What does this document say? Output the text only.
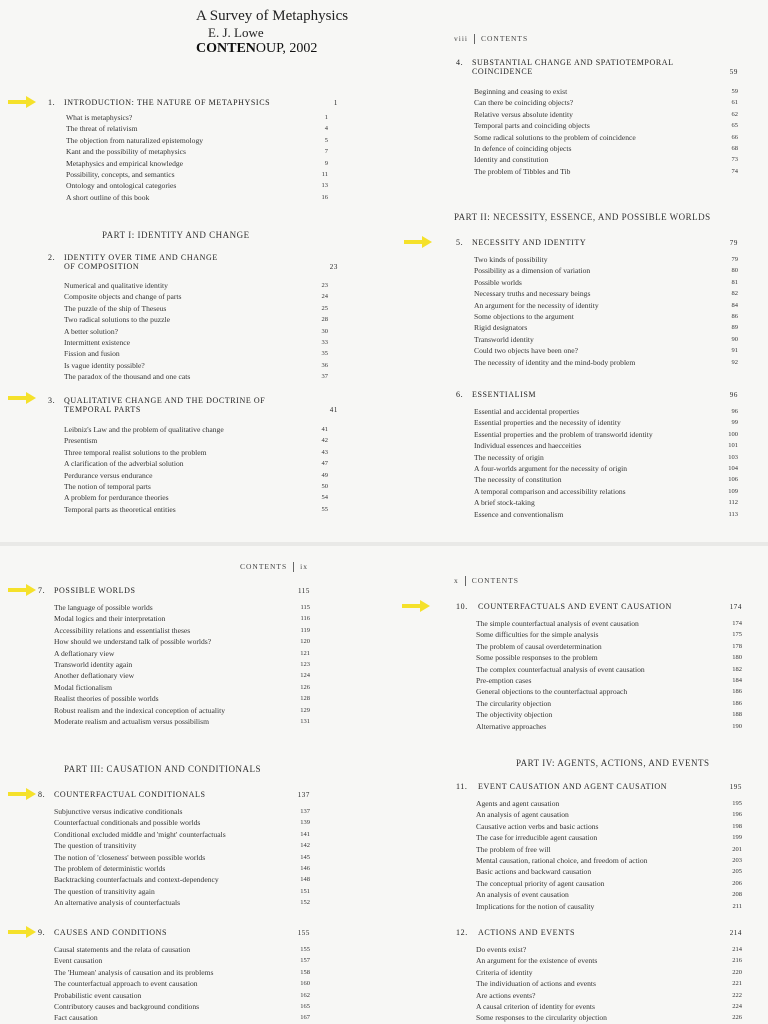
A Survey of Metaphysics
E. J. Lowe
CONTENOUP, 2002
1. INTRODUCTION: THE NATURE OF METAPHYSICS	1
What is metaphysics?	1
The threat of relativism	4
The objection from naturalized epistemology	5
Kant and the possibility of metaphysics	7
Metaphysics and empirical knowledge	9
Possibility, concepts, and semantics	11
Ontology and ontological categories	13
A short outline of this book	16
PART I: IDENTITY AND CHANGE
2. IDENTITY OVER TIME AND CHANGE
OF COMPOSITION	23
Numerical and qualitative identity	23
Composite objects and change of parts	24
The puzzle of the ship of Theseus	25
Two radical solutions to the puzzle	28
A better solution?	30
Intermittent existence	33
Fission and fusion	35
Is vague identity possible?	36
The paradox of the thousand and one cats	37
3. QUALITATIVE CHANGE AND THE DOCTRINE OF
TEMPORAL PARTS	41
Leibniz's Law and the problem of qualitative change	41
Presentism	42
Three temporal realist solutions to the problem	43
A clarification of the adverbial solution	47
Perdurance versus endurance	49
The notion of temporal parts	50
A problem for perdurance theories	54
Temporal parts as theoretical entities	55
viii CONTENTS
4. SUBSTANTIAL CHANGE AND SPATIOTEMPORAL
COINCIDENCE	59
Beginning and ceasing to exist	59
Can there be coinciding objects?	61
Relative versus absolute identity	62
Temporal parts and coinciding objects	65
Some radical solutions to the problem of coincidence	66
In defence of coinciding objects	68
Identity and constitution	73
The problem of Tibbles and Tib	74
PART II: NECESSITY, ESSENCE, AND POSSIBLE WORLDS
5. NECESSITY AND IDENTITY	79
Two kinds of possibility	79
Possibility as a dimension of variation	80
Possible worlds	81
Necessary truths and necessary beings	82
An argument for the necessity of identity	84
Some objections to the argument	86
Rigid designators	89
Transworld identity	90
Could two objects have been one?	91
The necessity of identity and the mind-body problem	92
6. ESSENTIALISM	96
Essential and accidental properties	96
Essential properties and the necessity of identity	99
Essential properties and the problem of transworld identity	100
Individual essences and haecceities	101
The necessity of origin	103
A four-worlds argument for the necessity of origin	104
The necessity of constitution	106
A temporal comparison and accessibility relations	109
A brief stock-taking	112
Essence and conventionalism	113
CONTENTS ix
7. POSSIBLE WORLDS	115
The language of possible worlds	115
Modal logics and their interpretation	116
Accessibility relations and essentialist theses	119
How should we understand talk of possible worlds?	120
A deflationary view	121
Transworld identity again	123
Another deflationary view	124
Modal fictionalism	126
Realist theories of possible worlds	128
Robust realism and the indexical conception of actuality	129
Moderate realism and actualism versus possibilism	131
PART III: CAUSATION AND CONDITIONALS
8. COUNTERFACTUAL CONDITIONALS	137
Subjunctive versus indicative conditionals	137
Counterfactual conditionals and possible worlds	139
Conditional excluded middle and 'might' counterfactuals	141
The question of transitivity	142
The notion of 'closeness' between possible worlds	145
The problem of deterministic worlds	146
Backtracking counterfactuals and context-dependency	148
The question of transitivity again	151
An alternative analysis of counterfactuals	152
9. CAUSES AND CONDITIONS	155
Causal statements and the relata of causation	155
Event causation	157
The 'Humean' analysis of causation and its problems	158
The counterfactual approach to event causation	160
Probabilistic event causation	162
Contributory causes and background conditions	165
Fact causation	167
x CONTENTS
10. COUNTERFACTUALS AND EVENT CAUSATION	174
The simple counterfactual analysis of event causation	174
Some difficulties for the simple analysis	175
The problem of causal overdetermination	178
Some possible responses to the problem	180
The complex counterfactual analysis of event causation	182
Pre-emption cases	184
General objections to the counterfactual approach	186
The circularity objection	186
The objectivity objection	188
Alternative approaches	190
PART IV: AGENTS, ACTIONS, AND EVENTS
11. EVENT CAUSATION AND AGENT CAUSATION	195
Agents and agent causation	195
An analysis of agent causation	196
Causative action verbs and basic actions	198
The case for irreducible agent causation	199
The problem of free will	201
Mental causation, rational choice, and freedom of action	203
Basic actions and backward causation	205
The conceptual priority of agent causation	206
An analysis of event causation	208
Implications for the notion of causality	211
12. ACTIONS AND EVENTS	214
Do events exist?	214
An argument for the existence of events	216
Criteria of identity	220
The individuation of actions and events	221
Are actions events?	222
A causal criterion of identity for events	224
Some responses to the circularity objection	226
